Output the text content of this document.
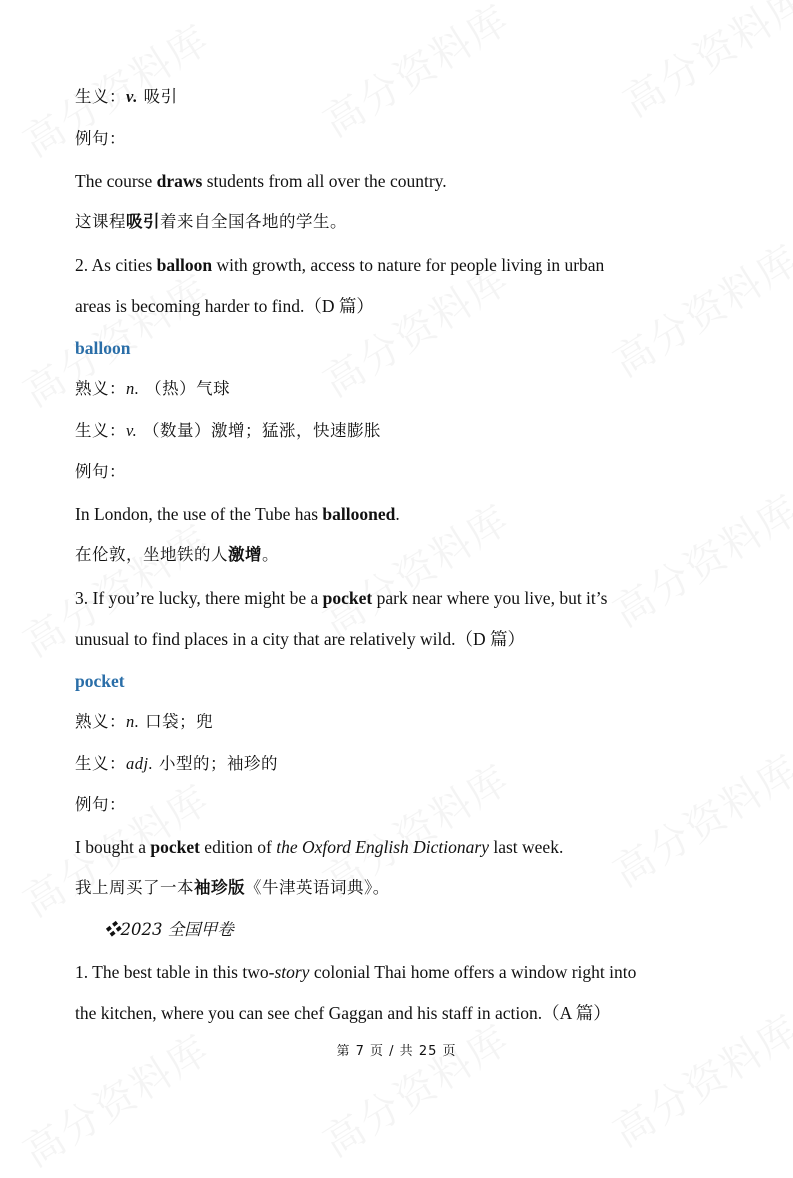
生义：v. 吸引
例句：
The course draws students from all over the country.
这课程吸引着来自全国各地的学生。
2. As cities balloon with growth, access to nature for people living in urban
areas is becoming harder to find.（D 篇）
balloon
熟义：n. （热）气球
生义：v. （数量）激增；猛涨，快速膨胀
例句：
In London, the use of the Tube has ballooned.
在伦敦，坐地铁的人激增。
3. If you’re lucky, there might be a pocket park near where you live, but it’s
unusual to find places in a city that are relatively wild.（D 篇）
pocket
熟义：n. 口袋；兜
生义：adj. 小型的；袖珍的
例句：
I bought a pocket edition of the Oxford English Dictionary last week.
我上周买了一本袖珍版《牛津英语词典》。
❖2023 全国甲卷
1. The best table in this two-story colonial Thai home offers a window right into
the kitchen, where you can see chef Gaggan and his staff in action.（A 篇）
第 7 页 / 共 25 页
